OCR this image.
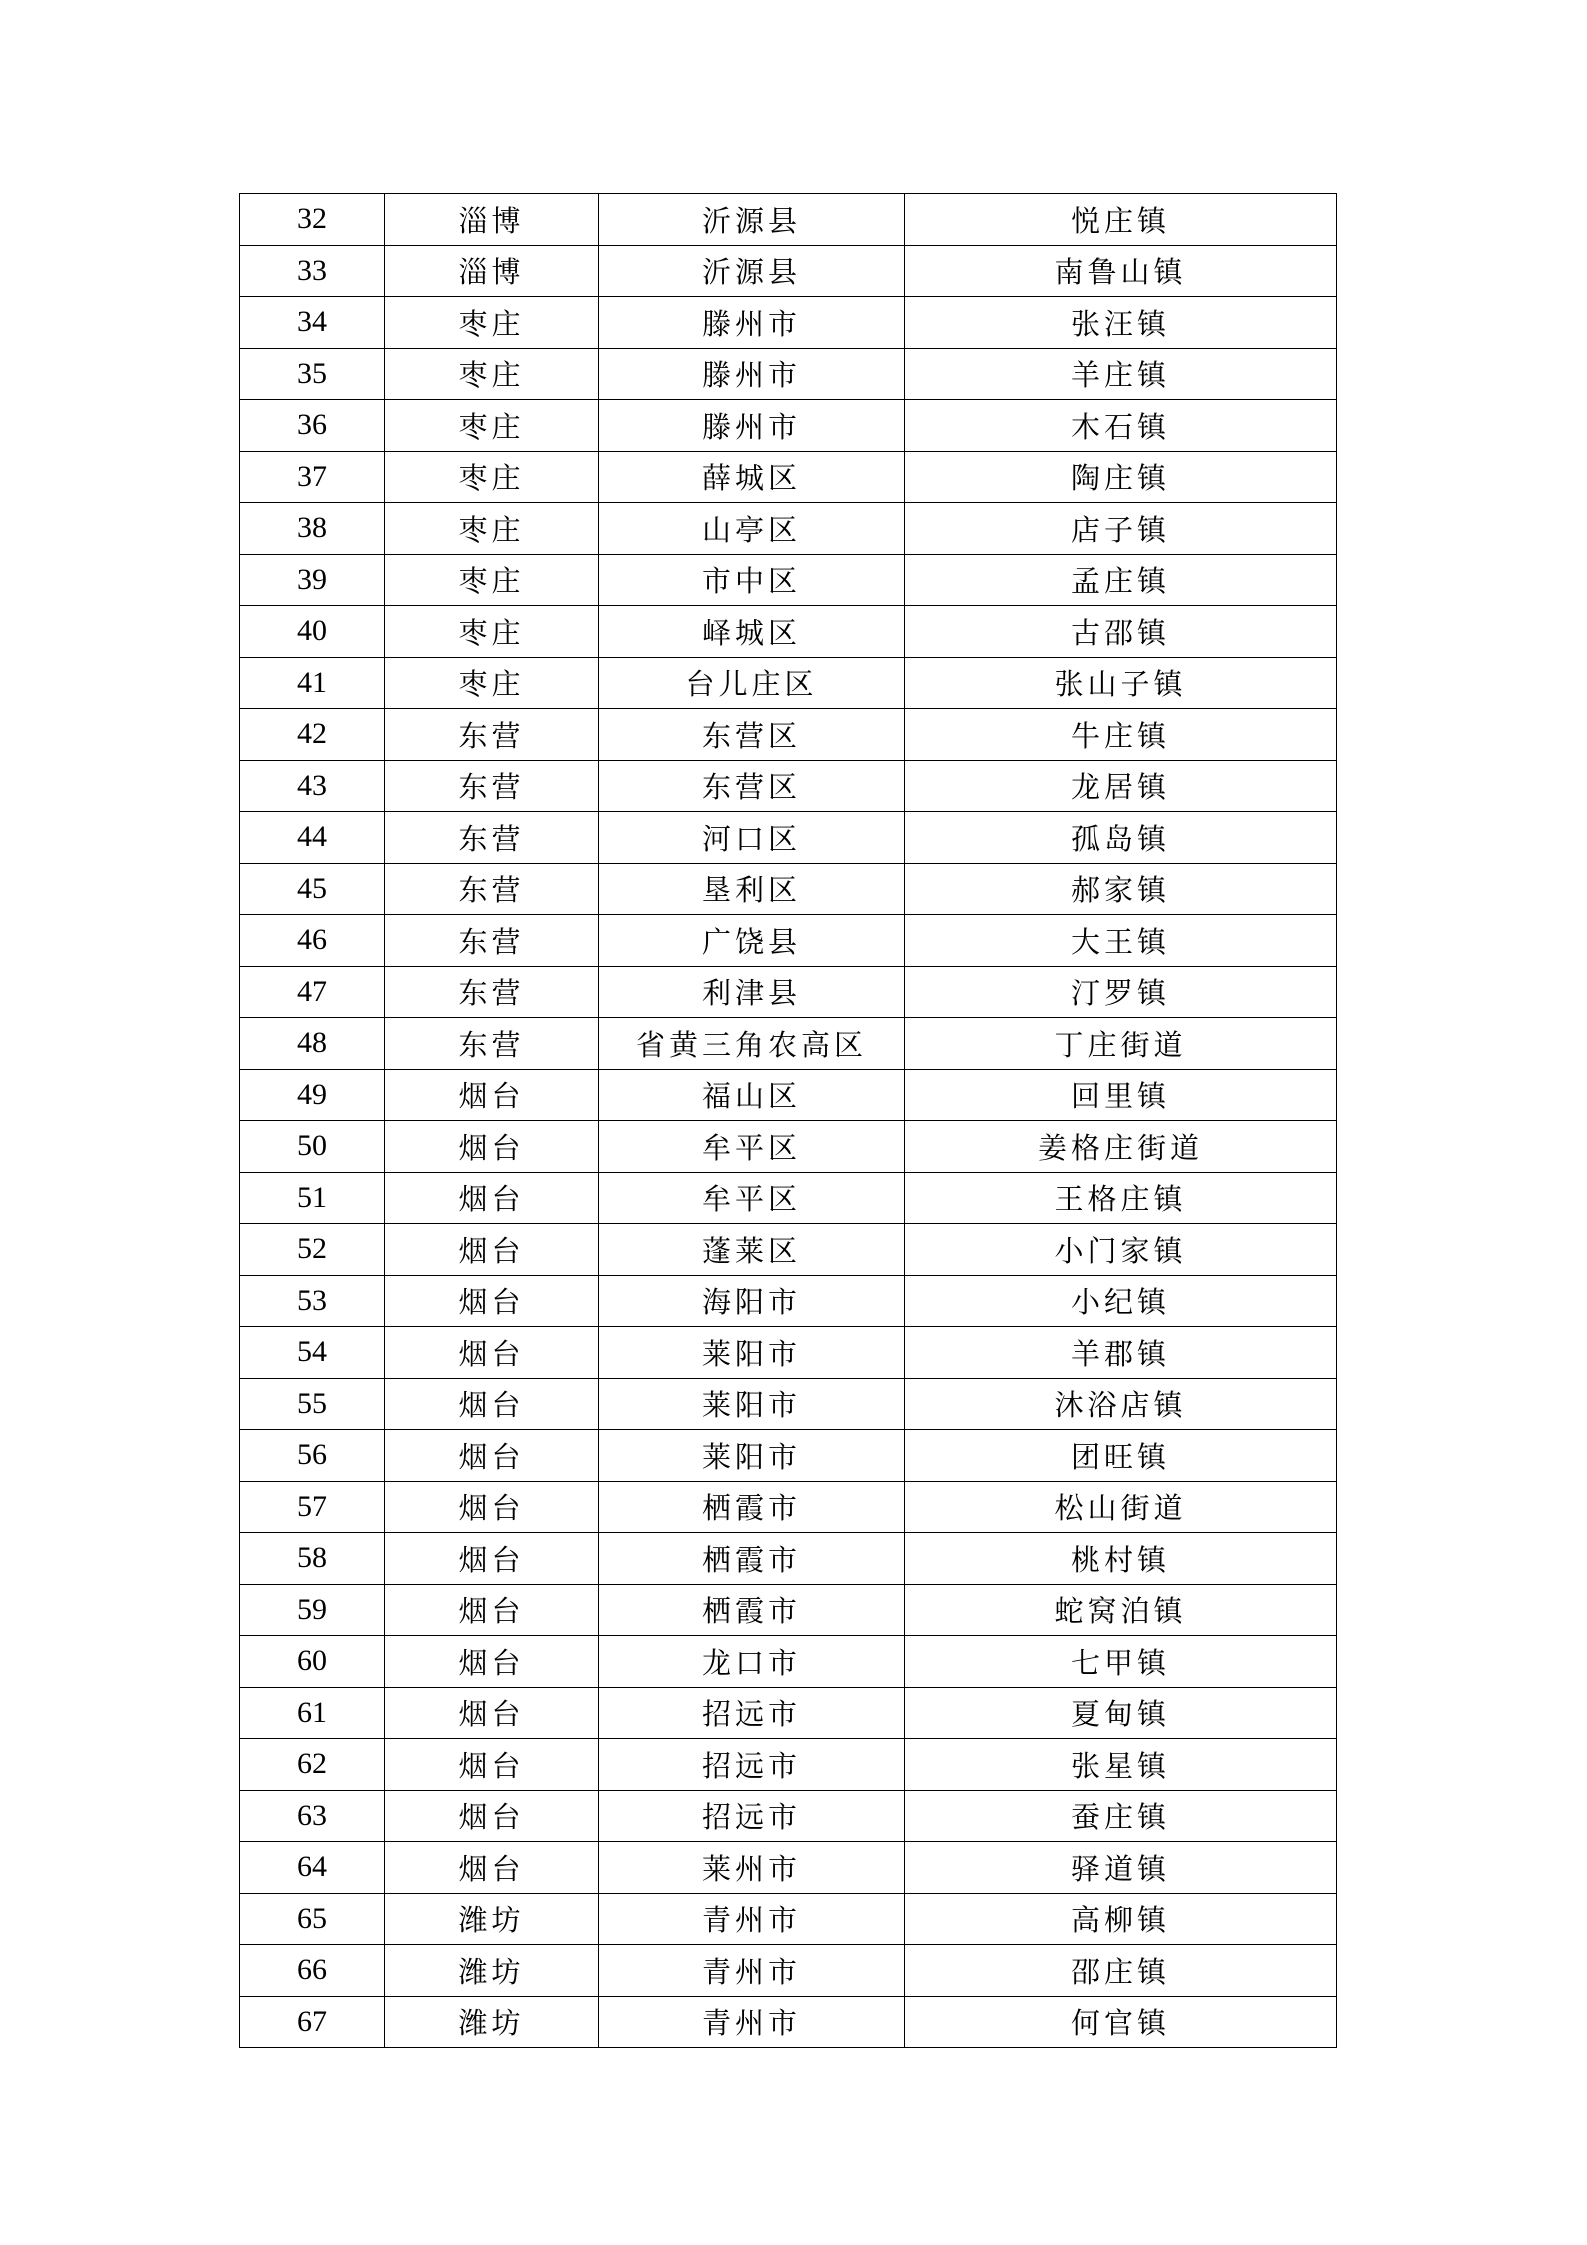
32	淄博	沂源县	悦庄镇
33	淄博	沂源县	南鲁山镇
34	枣庄	滕州市	张汪镇
35	枣庄	滕州市	羊庄镇
36	枣庄	滕州市	木石镇
37	枣庄	薛城区	陶庄镇
38	枣庄	山亭区	店子镇
39	枣庄	市中区	孟庄镇
40	枣庄	峄城区	古邵镇
41	枣庄	台儿庄区	张山子镇
42	东营	东营区	牛庄镇
43	东营	东营区	龙居镇
44	东营	河口区	孤岛镇
45	东营	垦利区	郝家镇
46	东营	广饶县	大王镇
47	东营	利津县	汀罗镇
48	东营	省黄三角农高区	丁庄街道
49	烟台	福山区	回里镇
50	烟台	牟平区	姜格庄街道
51	烟台	牟平区	王格庄镇
52	烟台	蓬莱区	小门家镇
53	烟台	海阳市	小纪镇
54	烟台	莱阳市	羊郡镇
55	烟台	莱阳市	沐浴店镇
56	烟台	莱阳市	团旺镇
57	烟台	栖霞市	松山街道
58	烟台	栖霞市	桃村镇
59	烟台	栖霞市	蛇窝泊镇
60	烟台	龙口市	七甲镇
61	烟台	招远市	夏甸镇
62	烟台	招远市	张星镇
63	烟台	招远市	蚕庄镇
64	烟台	莱州市	驿道镇
65	潍坊	青州市	高柳镇
66	潍坊	青州市	邵庄镇
67	潍坊	青州市	何官镇
